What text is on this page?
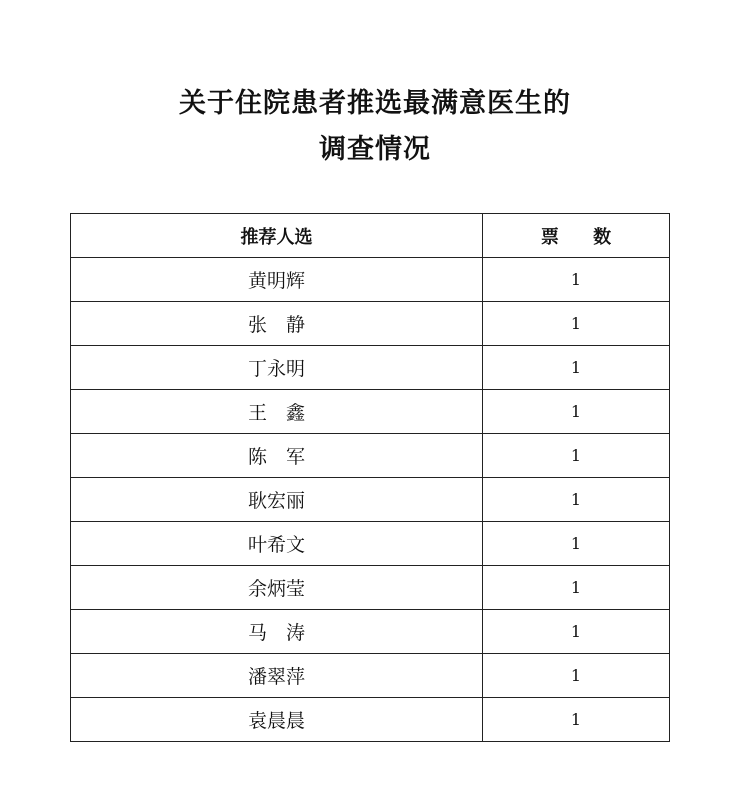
关于住院患者推选最满意医生的
调查情况
推荐人选	票 数
黄明辉	1
张　静	1
丁永明	1
王　鑫	1
陈　军	1
耿宏丽	1
叶希文	1
余炳莹	1
马　涛	1
潘翠萍	1
袁晨晨	1
